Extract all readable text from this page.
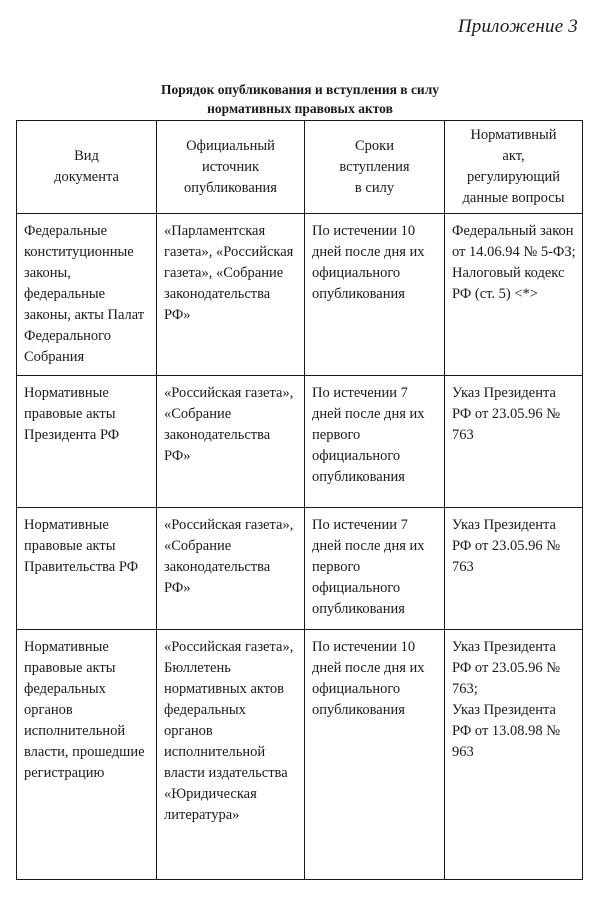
Приложение 3
Порядок опубликования и вступления в силу
нормативных правовых актов
Вид
документа	Официальный
источник
опубликования	Сроки
вступления
в силу	Нормативный
акт,
регулирующий
данные вопросы
Федеральные конституционные законы, федеральные законы, акты Палат Федерального Собрания	«Парламентская газета», «Российская газета», «Собрание законодательства РФ»	По истечении 10 дней после дня их официального опубликования	Федеральный закон от 14.06.94 № 5-ФЗ;
Налоговый кодекс РФ (ст. 5) <*>
Нормативные правовые акты Президента РФ	«Российская газета», «Собрание законодательства РФ»	По истечении 7 дней после дня их первого официального опубликования	Указ Президента РФ от 23.05.96 № 763
Нормативные правовые акты Правительства РФ	«Российская газета», «Собрание законодательства РФ»	По истечении 7 дней после дня их первого официального опубликования	Указ Президента РФ от 23.05.96 № 763
Нормативные правовые акты федеральных органов исполнительной власти, прошедшие регистрацию	«Российская газета», Бюллетень нормативных актов федеральных органов исполнительной власти издательства «Юридическая литература»	По истечении 10 дней после дня их официального опубликования	Указ Президента РФ от 23.05.96 № 763;
Указ Президента РФ от 13.08.98 № 963
